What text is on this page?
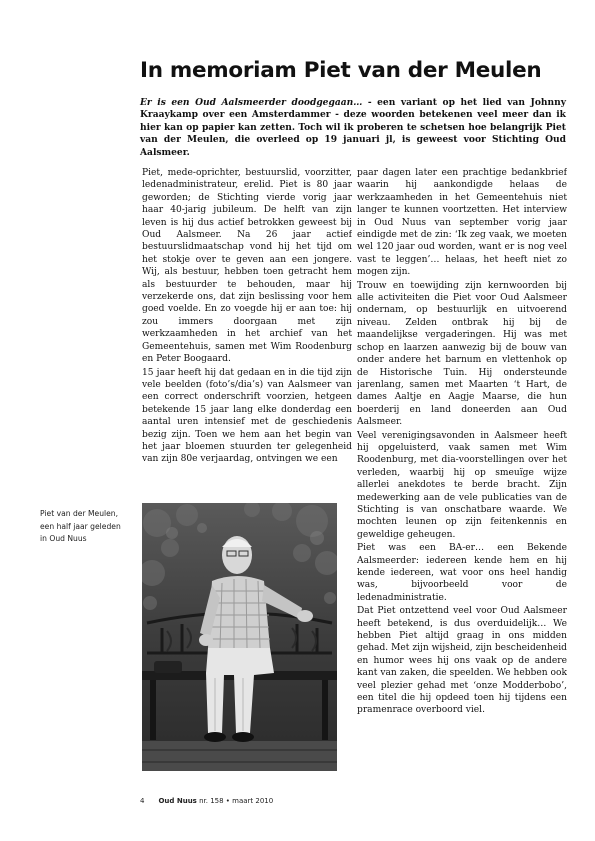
In memoriam Piet van der Meulen

Er is een Oud Aalsmeerder doodgegaan… - een variant op het lied van Johnny Kraaykamp over een Amsterdammer - deze woorden betekenen veel meer dan ik hier kan op papier kan zetten. Toch wil ik proberen te schetsen hoe belangrijk Piet van der Meulen, die overleed op 19 januari jl, is geweest voor Stichting Oud Aalsmeer.

Piet, mede-oprichter, bestuurslid, voorzitter, ledenadministrateur, erelid. Piet is 80 jaar geworden; de Stichting vierde vorig jaar haar 40-jarig jubileum. De helft van zijn leven is hij dus actief betrokken geweest bij Oud Aalsmeer. Na 26 jaar actief bestuurslidmaatschap vond hij het tijd om het stokje over te geven aan een jongere. Wij, als bestuur, hebben toen getracht hem als bestuurder te behouden, maar hij verzekerde ons, dat zijn beslissing voor hem goed voelde. En zo voegde hij er aan toe: hij zou immers doorgaan met zijn werkzaamheden in het archief van het Gemeentehuis, samen met Wim Roodenburg en Peter Boogaard.

15 jaar heeft hij dat gedaan en in die tijd zijn vele beelden (foto’s/dia’s) van Aalsmeer van een correct onderschrift voorzien, hetgeen betekende 15 jaar lang elke donderdag een aantal uren intensief met de geschiedenis bezig zijn. Toen we hem aan het begin van het jaar bloemen stuurden ter gelegenheid van zijn 80e verjaardag, ontvingen we een

paar dagen later een prachtige bedankbrief waarin hij aankondigde helaas de werkzaamheden in het Gemeentehuis niet langer te kunnen voortzetten. Het interview in Oud Nuus van september vorig jaar eindigde met de zin: ‘Ik zeg vaak, we moeten wel 120 jaar oud worden, want er is nog veel vast te leggen’… helaas, het heeft niet zo mogen zijn.

Trouw en toewijding zijn kernwoorden bij alle activiteiten die Piet voor Oud Aalsmeer ondernam, op bestuurlijk en uitvoerend niveau. Zelden ontbrak hij bij de maandelijkse vergaderingen. Hij was met schop en laarzen aanwezig bij de bouw van onder andere het barnum en vlettenhok op de Historische Tuin. Hij ondersteunde jarenlang, samen met Maarten ‘t Hart, de dames Aaltje en Aagje Maarse, die hun boerderij en land doneerden aan Oud Aalsmeer.

Veel verenigingsavonden in Aalsmeer heeft hij opgeluisterd, vaak samen met Wim Roodenburg, met dia-voorstellingen over het verleden, waarbij hij op smeuïge wijze allerlei anekdotes te berde bracht. Zijn medewerking aan de vele publicaties van de Stichting is van onschatbare waarde. We mochten leunen op zijn feitenkennis en geweldige geheugen.

Piet was een BA-er… een Bekende Aalsmeerder: iedereen kende hem en hij kende iedereen, wat voor ons heel handig was, bijvoorbeeld voor de ledenadministratie.

Dat Piet ontzettend veel voor Oud Aalsmeer heeft betekend, is dus overduidelijk… We hebben Piet altijd graag in ons midden gehad. Met zijn wijsheid, zijn bescheidenheid en humor wees hij ons vaak op de andere kant van zaken, die speelden. We hebben ook veel plezier gehad met ‘onze Modderbobo’, een titel die hij opdeed toen hij tijdens een pramenrace overboord viel.

Piet van der Meulen,
een half jaar geleden
in Oud Nuus
4 Oud Nuus nr. 158 • maart 2010
